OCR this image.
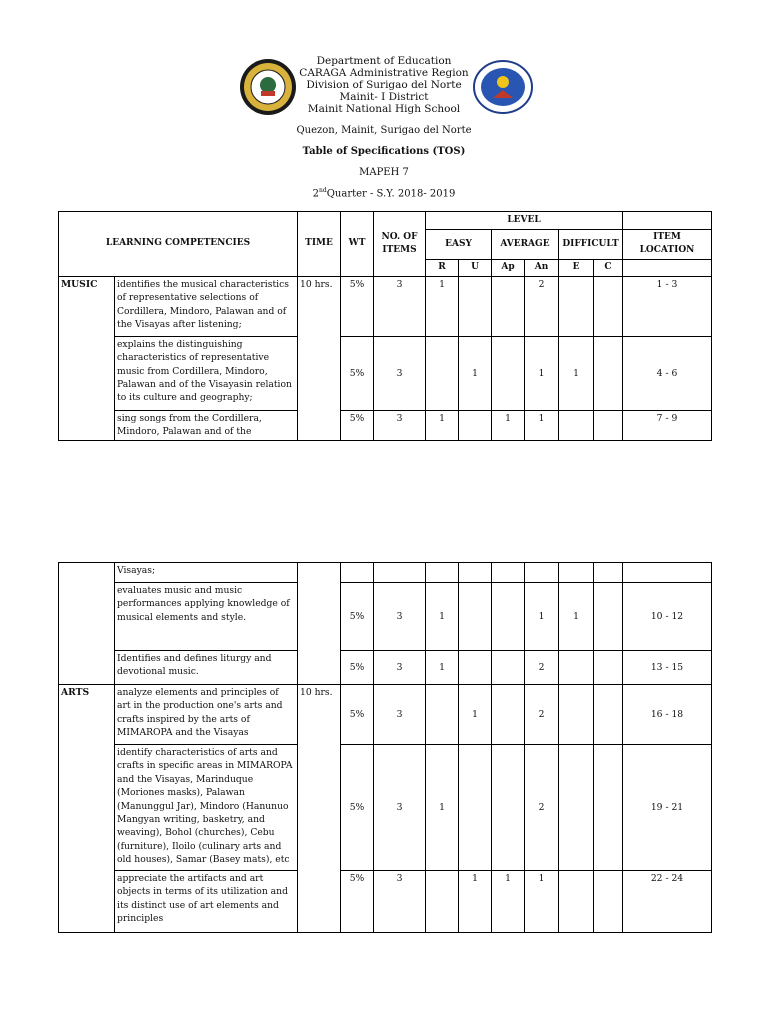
Department of Education
CARAGA Administrative Region
Division of Surigao del Norte
Mainit- I District
Mainit National High School
Quezon, Mainit, Surigao del Norte
Table of Specifications (TOS)
MAPEH 7
2ndQuarter - S.Y. 2018- 2019
LEARNING COMPETENCIES		TIME	WT	NO. OF ITEMS	LEVEL						
					EASY		AVERAGE		DIFFICULT		ITEM LOCATION
					R	U	Ap	An	E	C	
MUSIC	identifies the musical characteristics of representative selections of Cordillera, Mindoro, Palawan and of the Visayas after listening;	10 hrs.	5%	3	1			2			1 - 3
	explains the distinguishing characteristics of representative music from Cordillera, Mindoro, Palawan and of the Visayasin relation to its culture and geography;		5%	3		1		1	1		4 - 6
	sing songs from the Cordillera, Mindoro, Palawan and of the		5%	3	1		1	1			7 - 9
	Visayas;										
	evaluates music and music performances applying knowledge of musical elements and style.		5%	3	1			1	1		10 - 12
	Identifies and defines liturgy and devotional music.		5%	3	1			2			13 - 15
ARTS	analyze elements and principles of art in the production one's arts and crafts inspired by the arts of MIMAROPA and the Visayas	10 hrs.	5%	3		1		2			16 - 18
	identify characteristics of arts and crafts in specific areas in MIMAROPA and the Visayas, Marinduque (Moriones masks), Palawan (Manunggul Jar), Mindoro (Hanunuo Mangyan writing, basketry, and weaving), Bohol (churches), Cebu (furniture), Iloilo (culinary arts and old houses), Samar (Basey mats), etc		5%	3	1			2			19 - 21
	appreciate the artifacts and art objects in terms of its utilization and its distinct use of art elements and principles		5%	3		1	1	1			22 - 24
